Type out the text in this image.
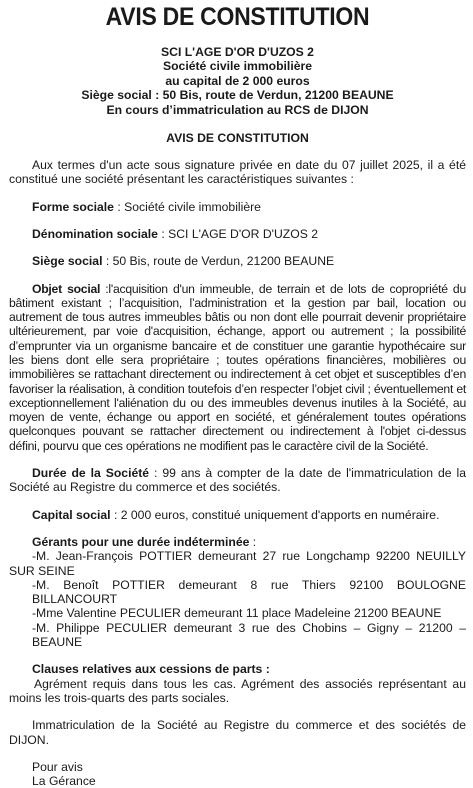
AVIS DE CONSTITUTION
SCI L'AGE D'OR D'UZOS 2
Société civile immobilière
au capital de 2 000 euros
Siège social : 50 Bis, route de Verdun, 21200 BEAUNE
En cours d’immatriculation au RCS de DIJON
AVIS DE CONSTITUTION

Aux termes d'un acte sous signature privée en date du 07 juillet 2025, il a été constitué une société présentant les caractéristiques suivantes :

Forme sociale : Société civile immobilière

Dénomination sociale : SCI L'AGE D'OR D'UZOS 2

Siège social : 50 Bis, route de Verdun, 21200 BEAUNE

Objet social :l'acquisition d'un immeuble, de terrain et de lots de copropriété du bâtiment existant ; l’acquisition, l’administration et la gestion par bail, location ou autrement de tous autres immeubles bâtis ou non dont elle pourrait devenir propriétaire ultérieurement, par voie d'acquisition, échange, apport ou autrement ; la possibilité d’emprunter via un organisme bancaire et de constituer une garantie hypothécaire sur les biens dont elle sera propriétaire ; toutes opérations financières, mobilières ou immobilières se rattachant directement ou indirectement à cet objet et susceptibles d’en favoriser la réalisation, à condition toutefois d’en respecter l’objet civil ; éventuellement et exceptionnellement l'aliénation du ou des immeubles devenus inutiles à la Société, au moyen de vente, échange ou apport en société, et généralement toutes opérations quelconques pouvant se rattacher directement ou indirectement à l'objet ci-dessus défini, pourvu que ces opérations ne modifient pas le caractère civil de la Société.

Durée de la Société : 99 ans à compter de la date de l'immatriculation de la Société au Registre du commerce et des sociétés.

Capital social : 2 000 euros, constitué uniquement d'apports en numéraire.

Gérants pour une durée indéterminée :
-M. Jean-François POTTIER demeurant 27 rue Longchamp 92200 NEUILLY SUR SEINE
-M. Benoît POTTIER demeurant 8 rue Thiers 92100 BOULOGNE BILLANCOURT
-Mme Valentine PECULIER demeurant 11 place Madeleine 21200 BEAUNE
-M. Philippe PECULIER demeurant 3 rue des Chobins – Gigny – 21200 – BEAUNE

Clauses relatives aux cessions de parts :
Agrément requis dans tous les cas. Agrément des associés représentant au moins les trois-quarts des parts sociales.

Immatriculation de la Société au Registre du commerce et des sociétés de DIJON.

Pour avis
La Gérance
